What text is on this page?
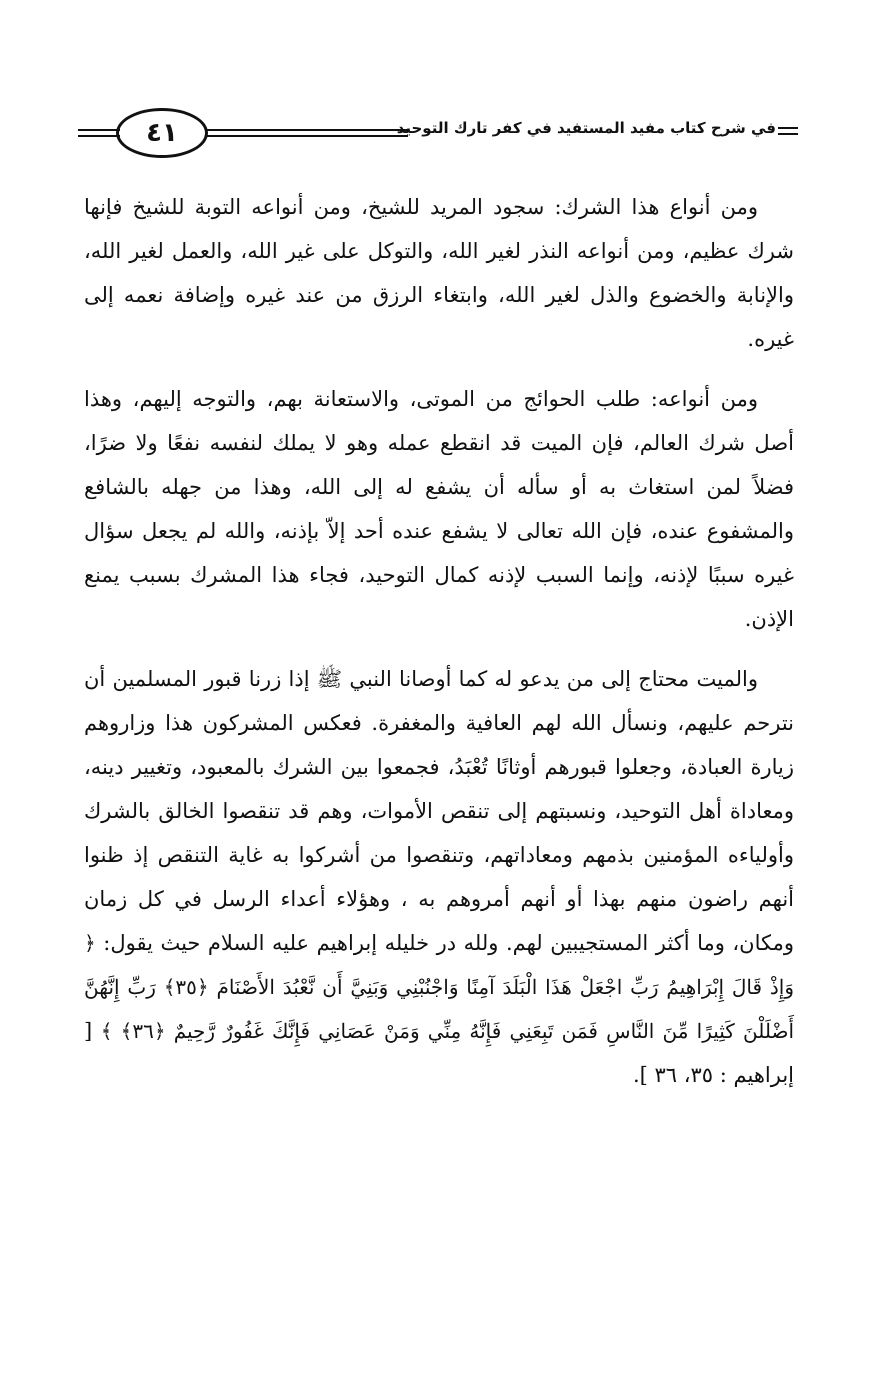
٤١	في شرح كتاب مفيد المستفيد في كفر تارك التوحيد

ومن أنواع هذا الشرك: سجود المريد للشيخ، ومن أنواعه التوبة للشيخ فإنها شرك عظيم، ومن أنواعه النذر لغير الله، والتوكل على غير الله، والعمل لغير الله، والإنابة والخضوع والذل لغير الله، وابتغاء الرزق من عند غيره وإضافة نعمه إلى غيره.

ومن أنواعه: طلب الحوائج من الموتى، والاستعانة بهم، والتوجه إليهم، وهذا أصل شرك العالم، فإن الميت قد انقطع عمله وهو لا يملك لنفسه نفعًا ولا ضرًا، فضلاً لمن استغاث به أو سأله أن يشفع له إلى الله، وهذا من جهله بالشافع والمشفوع عنده، فإن الله تعالى لا يشفع عنده أحد إلاّ بإذنه، والله لم يجعل سؤال غيره سببًا لإذنه، وإنما السبب لإذنه كمال التوحيد، فجاء هذا المشرك بسبب يمنع الإذن.

والميت محتاج إلى من يدعو له كما أوصانا النبي ﷺ إذا زرنا قبور المسلمين أن نترحم عليهم، ونسأل الله لهم العافية والمغفرة. فعكس المشركون هذا وزاروهم زيارة العبادة، وجعلوا قبورهم أوثانًا تُعْبَدُ، فجمعوا بين الشرك بالمعبود، وتغيير دينه، ومعاداة أهل التوحيد، ونسبتهم إلى تنقص الأموات، وهم قد تنقصوا الخالق بالشرك وأولياءه المؤمنين بذمهم ومعاداتهم، وتنقصوا من أشركوا به غاية التنقص إذ ظنوا أنهم راضون منهم بهذا أو أنهم أمروهم به ، وهؤلاء أعداء الرسل في كل زمان ومكان، وما أكثر المستجيبين لهم. ولله در خليله إبراهيم عليه السلام حيث يقول: ﴿ وَإِذْ قَالَ إِبْرَاهِيمُ رَبِّ اجْعَلْ هَذَا الْبَلَدَ آمِنًا وَاجْنُبْنِي وَبَنِيَّ أَن نَّعْبُدَ الأَصْنَامَ ﴿٣٥﴾ رَبِّ إِنَّهُنَّ أَضْلَلْنَ كَثِيرًا مِّنَ النَّاسِ فَمَن تَبِعَنِي فَإِنَّهُ مِنِّي وَمَنْ عَصَانِي فَإِنَّكَ غَفُورٌ رَّحِيمٌ ﴿٣٦﴾ ﴾ [ إبراهيم : ٣٥، ٣٦ ].
